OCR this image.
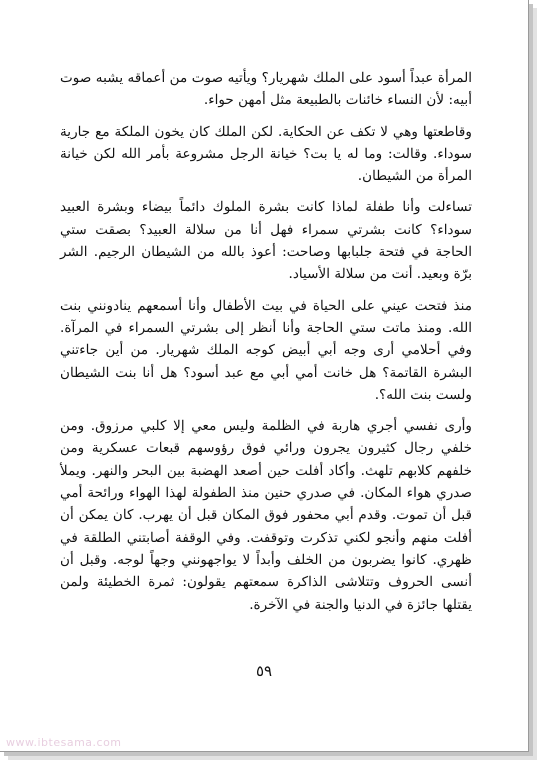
المرأة عبداً أسود على الملك شهريار؟ ويأتيه صوت من أعماقه يشبه صوت أبيه: لأن النساء خائنات بالطبيعة مثل أمهن حواء.

وقاطعتها وهي لا تكف عن الحكاية. لكن الملك كان يخون الملكة مع جارية سوداء. وقالت: وما له يا بت؟ خيانة الرجل مشروعة بأمر الله لكن خيانة المرأة من الشيطان.

تساءلت وأنا طفلة لماذا كانت بشرة الملوك دائماً بيضاء وبشرة العبيد سوداء؟ كانت بشرتي سمراء فهل أنا من سلالة العبيد؟ بصقت ستي الحاجة في فتحة جلبابها وصاحت: أعوذ بالله من الشيطان الرجيم. الشر برّة وبعيد. أنت من سلالة الأسياد.

منذ فتحت عيني على الحياة في بيت الأطفال وأنا أسمعهم ينادونني بنت الله. ومنذ ماتت ستي الحاجة وأنا أنظر إلى بشرتي السمراء في المرآة. وفي أحلامي أرى وجه أبي أبيض كوجه الملك شهريار. من أين جاءتني البشرة القاتمة؟ هل خانت أمي أبي مع عبد أسود؟ هل أنا بنت الشيطان ولست بنت الله؟.

وأرى نفسي أجري هاربة في الظلمة وليس معي إلا كلبي مرزوق. ومن خلفي رجال كثيرون يجرون ورائي فوق رؤوسهم قبعات عسكرية ومن خلفهم كلابهم تلهث. وأكاد أفلت حين أصعد الهضبة بين البحر والنهر. ويملأ صدري هواء المكان. في صدري حنين منذ الطفولة لهذا الهواء ورائحة أمي قبل أن تموت. وقدم أبي محفور فوق المكان قبل أن يهرب. كان يمكن أن أفلت منهم وأنجو لكني تذكرت وتوقفت. وفي الوقفة أصابتني الطلقة في ظهري. كانوا يضربون من الخلف وأبداً لا يواجهونني وجهاً لوجه. وقبل أن أنسى الحروف وتتلاشى الذاكرة سمعتهم يقولون: ثمرة الخطيئة ولمن يقتلها جائزة في الدنيا والجنة في الآخرة.

٥٩
www.ibtesama.com
